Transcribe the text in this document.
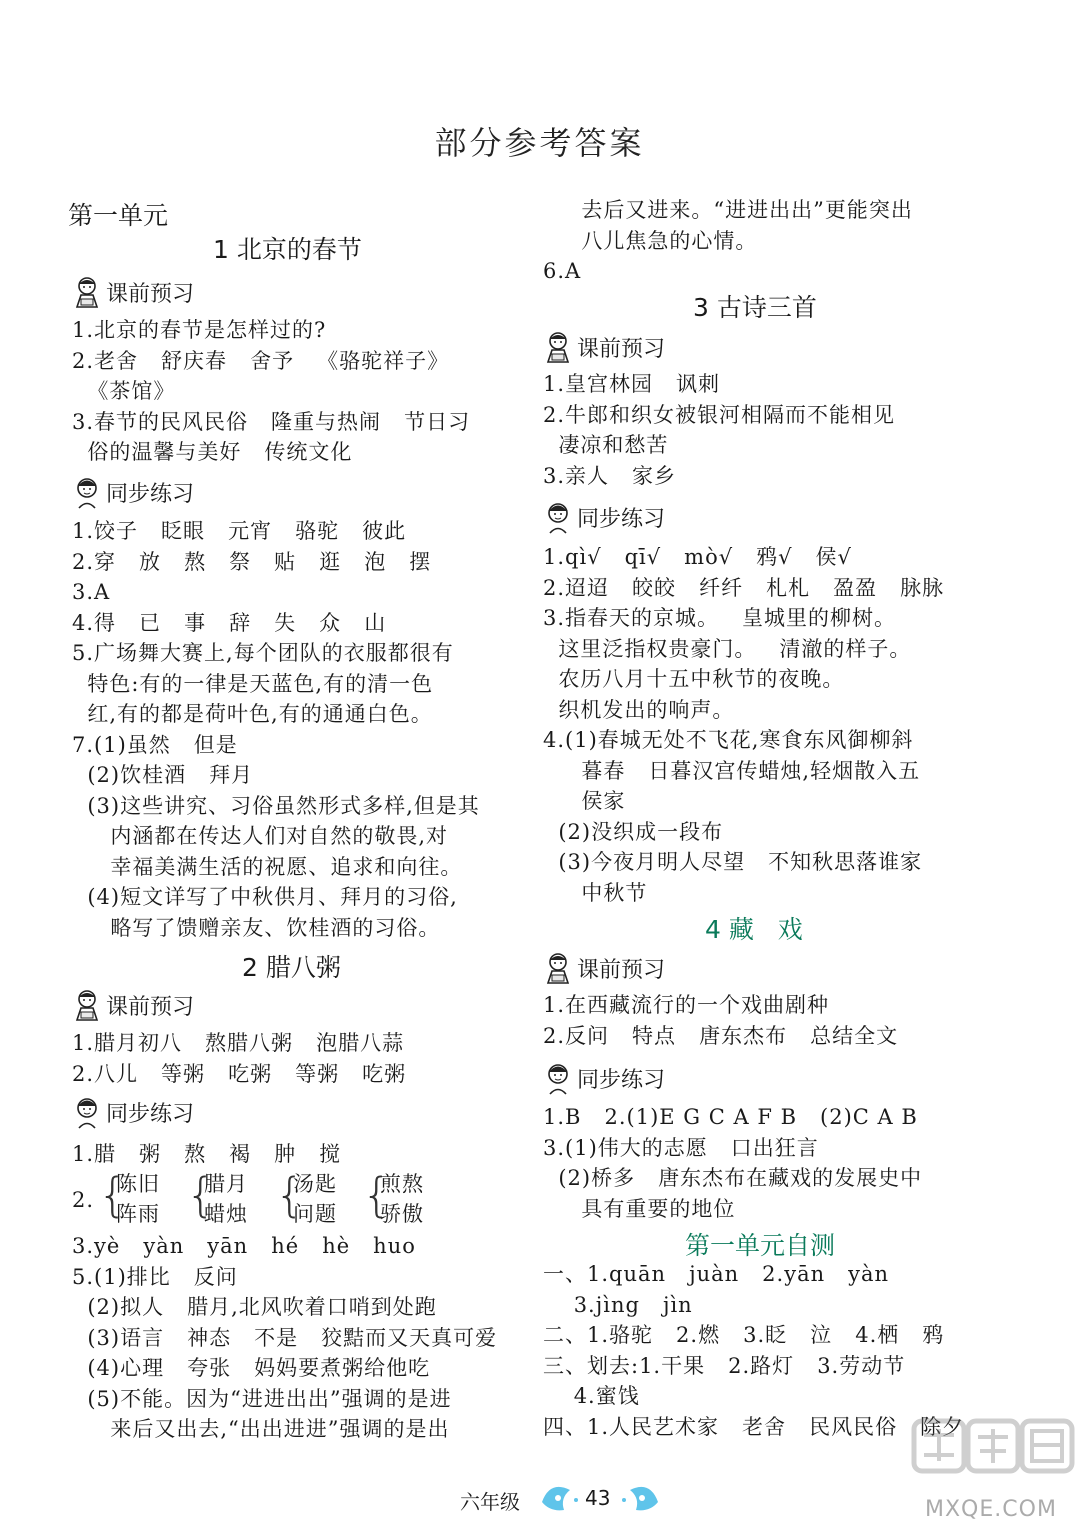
部分参考答案
第一单元
1 北京的春节
课前预习
1.北京的春节是怎样过的?
2.老舍   舒庆春   舍予   《骆驼祥子》
《茶馆》
3.春节的民风民俗   隆重与热闹   节日习
俗的温馨与美好   传统文化
同步练习
1.饺子   眨眼   元宵   骆驼   彼此
2.穿   放   熬   祭   贴   逛   泡   摆
3.A
4.得   已   事   辞   失   众   山
5.广场舞大赛上,每个团队的衣服都很有
特色:有的一律是天蓝色,有的清一色
红,有的都是荷叶色,有的通通白色。
7.(1)虽然   但是
(2)饮桂酒   拜月
(3)这些讲究、习俗虽然形式多样,但是其
内涵都在传达人们对自然的敬畏,对
幸福美满生活的祝愿、追求和向往。
(4)短文详写了中秋供月、拜月的习俗,
略写了馈赠亲友、饮桂酒的习俗。
2 腊八粥
课前预习
1.腊月初八   熬腊八粥   泡腊八蒜
2.八儿   等粥   吃粥   等粥   吃粥
同步练习
1.腊   粥   熬   褐   肿   搅
2. {
陈旧
阵雨 {
腊月
蜡烛 {
汤匙
问题 {
煎熬
骄傲
3.yè   yàn   yān   hé   hè   huo
5.(1)排比   反问
(2)拟人   腊月,北风吹着口哨到处跑
(3)语言   神态   不是   狡黠而又天真可爱
(4)心理   夸张   妈妈要煮粥给他吃
(5)不能。因为“进进出出”强调的是进
来后又出去,“出出进进”强调的是出
去后又进来。“进进出出”更能突出
八儿焦急的心情。
6.A
3 古诗三首
课前预习
1.皇宫林园   讽刺
2.牛郎和织女被银河相隔而不能相见
凄凉和愁苦
3.亲人   家乡
同步练习
1.qì√   qī√   mò√   鸦√   侯√
2.迢迢   皎皎   纤纤   札札   盈盈   脉脉
3.指春天的京城。   皇城里的柳树。
这里泛指权贵豪门。   清澈的样子。
农历八月十五中秋节的夜晚。
织机发出的响声。
4.(1)春城无处不飞花,寒食东风御柳斜
暮春   日暮汉宫传蜡烛,轻烟散入五
侯家
(2)没织成一段布
(3)今夜月明人尽望   不知秋思落谁家
中秋节
4 藏   戏
课前预习
1.在西藏流行的一个戏曲剧种
2.反问   特点   唐东杰布   总结全文
同步练习
1.B   2.(1)E G C A F B   (2)C A B
3.(1)伟大的志愿   口出狂言
(2)桥多   唐东杰布在藏戏的发展史中
具有重要的地位
第一单元自测
一、1.quān   juàn   2.yān   yàn
3.jìng   jìn
二、1.骆驼   2.燃   3.眨   泣   4.栖   鸦
三、划去:1.干果   2.路灯   3.劳动节
4.蜜饯
四、1.人民艺术家   老舍   民风民俗   除夕
六年级	43	MXQE.COM
